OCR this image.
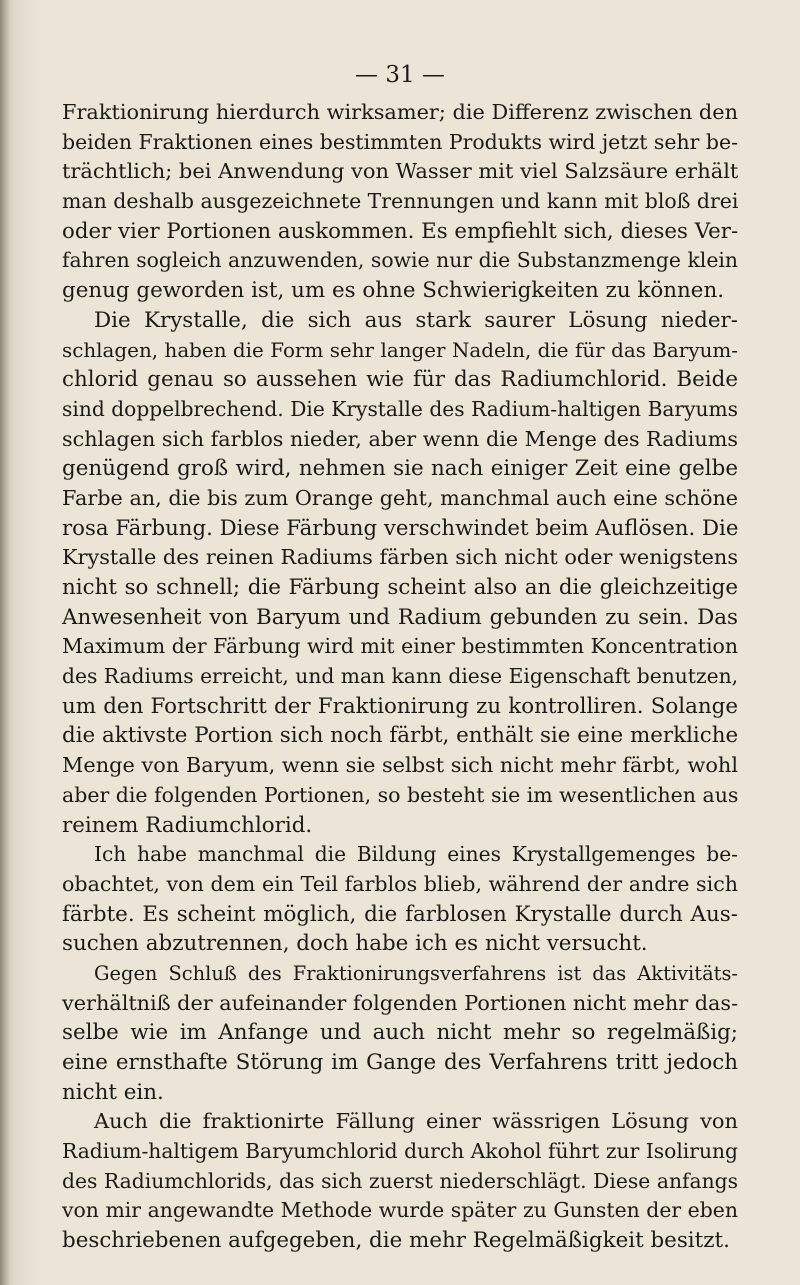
— 31 —
Fraktionirung hierdurch wirksamer; die Differenz zwischen den
beiden Fraktionen eines bestimmten Produkts wird jetzt sehr be-
trächtlich; bei Anwendung von Wasser mit viel Salzsäure erhält
man deshalb ausgezeichnete Trennungen und kann mit bloß drei
oder vier Portionen auskommen. Es empfiehlt sich, dieses Ver-
fahren sogleich anzuwenden, sowie nur die Substanzmenge klein
genug geworden ist, um es ohne Schwierigkeiten zu können.
Die Krystalle, die sich aus stark saurer Lösung nieder-
schlagen, haben die Form sehr langer Nadeln, die für das Baryum-
chlorid genau so aussehen wie für das Radiumchlorid. Beide
sind doppelbrechend. Die Krystalle des Radium-haltigen Baryums
schlagen sich farblos nieder, aber wenn die Menge des Radiums
genügend groß wird, nehmen sie nach einiger Zeit eine gelbe
Farbe an, die bis zum Orange geht, manchmal auch eine schöne
rosa Färbung. Diese Färbung verschwindet beim Auflösen. Die
Krystalle des reinen Radiums färben sich nicht oder wenigstens
nicht so schnell; die Färbung scheint also an die gleichzeitige
Anwesenheit von Baryum und Radium gebunden zu sein. Das
Maximum der Färbung wird mit einer bestimmten Koncentration
des Radiums erreicht, und man kann diese Eigenschaft benutzen,
um den Fortschritt der Fraktionirung zu kontrolliren. Solange
die aktivste Portion sich noch färbt, enthält sie eine merkliche
Menge von Baryum, wenn sie selbst sich nicht mehr färbt, wohl
aber die folgenden Portionen, so besteht sie im wesentlichen aus
reinem Radiumchlorid.
Ich habe manchmal die Bildung eines Krystallgemenges be-
obachtet, von dem ein Teil farblos blieb, während der andre sich
färbte. Es scheint möglich, die farblosen Krystalle durch Aus-
suchen abzutrennen, doch habe ich es nicht versucht.
Gegen Schluß des Fraktionirungsverfahrens ist das Aktivitäts-
verhältniß der aufeinander folgenden Portionen nicht mehr das-
selbe wie im Anfange und auch nicht mehr so regelmäßig;
eine ernsthafte Störung im Gange des Verfahrens tritt jedoch
nicht ein.
Auch die fraktionirte Fällung einer wässrigen Lösung von
Radium-haltigem Baryumchlorid durch Akohol führt zur Isolirung
des Radiumchlorids, das sich zuerst niederschlägt. Diese anfangs
von mir angewandte Methode wurde später zu Gunsten der eben
beschriebenen aufgegeben, die mehr Regelmäßigkeit besitzt.
